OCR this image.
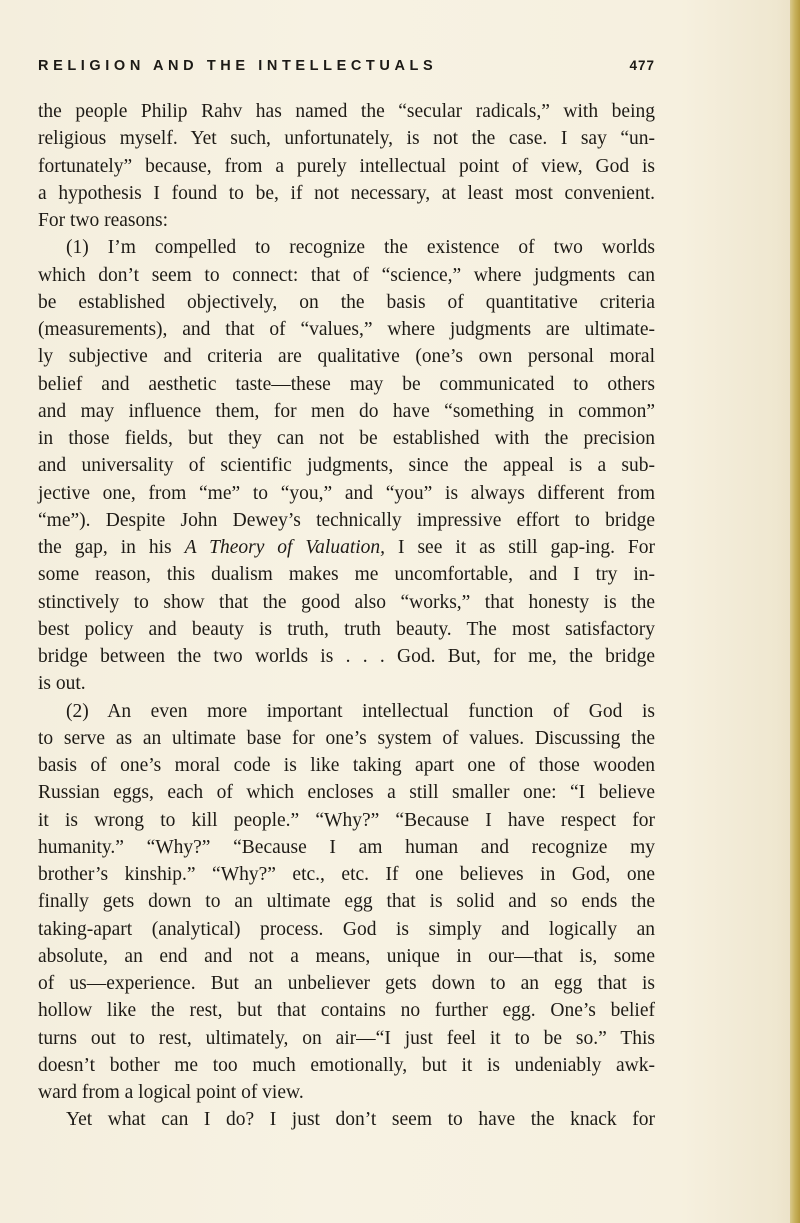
RELIGION AND THE INTELLECTUALS	477
the people Philip Rahv has named the “secular radicals,” with being
religious myself. Yet such, unfortunately, is not the case. I say “un-
fortunately” because, from a purely intellectual point of view, God is
a hypothesis I found to be, if not necessary, at least most convenient.
For two reasons:
(1) I’m compelled to recognize the existence of two worlds
which don’t seem to connect: that of “science,” where judgments can
be established objectively, on the basis of quantitative criteria
(measurements), and that of “values,” where judgments are ultimate-
ly subjective and criteria are qualitative (one’s own personal moral
belief and aesthetic taste—these may be communicated to others
and may influence them, for men do have “something in common”
in those fields, but they can not be established with the precision
and universality of scientific judgments, since the appeal is a sub-
jective one, from “me” to “you,” and “you” is always different from
“me”). Despite John Dewey’s technically impressive effort to bridge
the gap, in his A Theory of Valuation, I see it as still gap-ing. For
some reason, this dualism makes me uncomfortable, and I try in-
stinctively to show that the good also “works,” that honesty is the
best policy and beauty is truth, truth beauty. The most satisfactory
bridge between the two worlds is . . . God. But, for me, the bridge
is out.
(2) An even more important intellectual function of God is
to serve as an ultimate base for one’s system of values. Discussing the
basis of one’s moral code is like taking apart one of those wooden
Russian eggs, each of which encloses a still smaller one: “I believe
it is wrong to kill people.” “Why?” “Because I have respect for
humanity.” “Why?” “Because I am human and recognize my
brother’s kinship.” “Why?” etc., etc. If one believes in God, one
finally gets down to an ultimate egg that is solid and so ends the
taking-apart (analytical) process. God is simply and logically an
absolute, an end and not a means, unique in our—that is, some
of us—experience. But an unbeliever gets down to an egg that is
hollow like the rest, but that contains no further egg. One’s belief
turns out to rest, ultimately, on air—“I just feel it to be so.” This
doesn’t bother me too much emotionally, but it is undeniably awk-
ward from a logical point of view.
Yet what can I do? I just don’t seem to have the knack for
